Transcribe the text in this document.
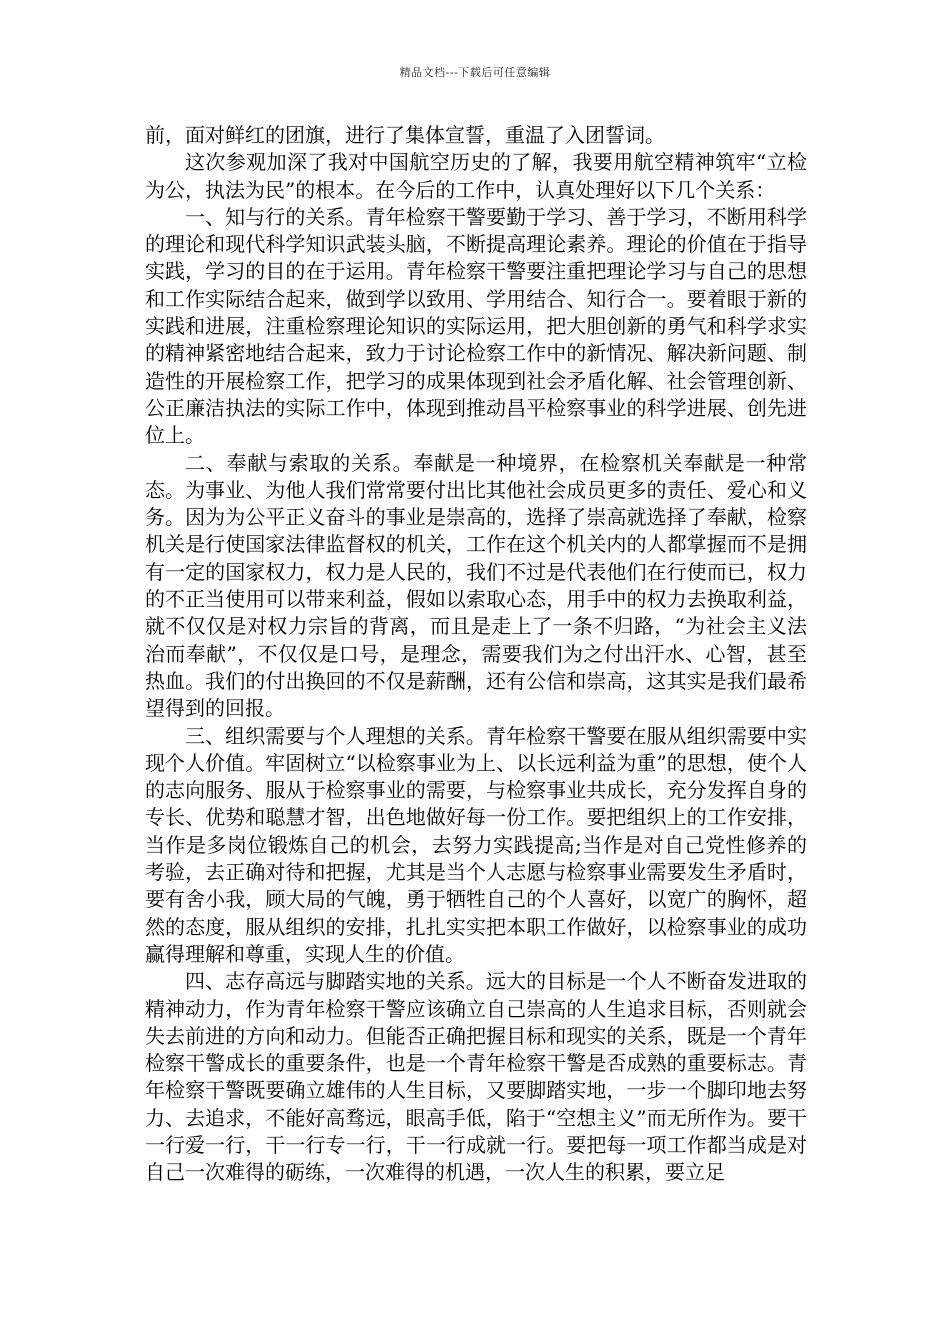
精品文档---下载后可任意编辑

前，面对鲜红的团旗，进行了集体宣誓，重温了入团誓词。

这次参观加深了我对中国航空历史的了解，我要用航空精神筑牢“立检为公，执法为民”的根本。在今后的工作中，认真处理好以下几个关系：

一、知与行的关系。青年检察干警要勤于学习、善于学习，不断用科学的理论和现代科学知识武装头脑，不断提高理论素养。理论的价值在于指导实践，学习的目的在于运用。青年检察干警要注重把理论学习与自己的思想和工作实际结合起来，做到学以致用、学用结合、知行合一。要着眼于新的实践和进展，注重检察理论知识的实际运用，把大胆创新的勇气和科学求实的精神紧密地结合起来，致力于讨论检察工作中的新情况、解决新问题、制造性的开展检察工作，把学习的成果体现到社会矛盾化解、社会管理创新、公正廉洁执法的实际工作中，体现到推动昌平检察事业的科学进展、创先进位上。

二、奉献与索取的关系。奉献是一种境界，在检察机关奉献是一种常态。为事业、为他人我们常常要付出比其他社会成员更多的责任、爱心和义务。因为为公平正义奋斗的事业是崇高的，选择了崇高就选择了奉献，检察机关是行使国家法律监督权的机关，工作在这个机关内的人都掌握而不是拥有一定的国家权力，权力是人民的，我们不过是代表他们在行使而已，权力的不正当使用可以带来利益，假如以索取心态，用手中的权力去换取利益，就不仅仅是对权力宗旨的背离，而且是走上了一条不归路，“为社会主义法治而奉献”，不仅仅是口号，是理念，需要我们为之付出汗水、心智，甚至热血。我们的付出换回的不仅是薪酬，还有公信和崇高，这其实是我们最希望得到的回报。

三、组织需要与个人理想的关系。青年检察干警要在服从组织需要中实现个人价值。牢固树立“以检察事业为上、以长远利益为重”的思想，使个人的志向服务、服从于检察事业的需要，与检察事业共成长，充分发挥自身的专长、优势和聪慧才智，出色地做好每一份工作。要把组织上的工作安排，当作是多岗位锻炼自己的机会，去努力实践提高;当作是对自己党性修养的考验，去正确对待和把握，尤其是当个人志愿与检察事业需要发生矛盾时，要有舍小我，顾大局的气魄，勇于牺牲自己的个人喜好，以宽广的胸怀，超然的态度，服从组织的安排，扎扎实实把本职工作做好，以检察事业的成功赢得理解和尊重，实现人生的价值。

四、志存高远与脚踏实地的关系。远大的目标是一个人不断奋发进取的精神动力，作为青年检察干警应该确立自己崇高的人生追求目标，否则就会失去前进的方向和动力。但能否正确把握目标和现实的关系，既是一个青年检察干警成长的重要条件，也是一个青年检察干警是否成熟的重要标志。青年检察干警既要确立雄伟的人生目标，又要脚踏实地，一步一个脚印地去努力、去追求，不能好高骛远，眼高手低，陷于“空想主义”而无所作为。要干一行爱一行，干一行专一行，干一行成就一行。要把每一项工作都当成是对自己一次难得的砺练，一次难得的机遇，一次人生的积累，要立足
